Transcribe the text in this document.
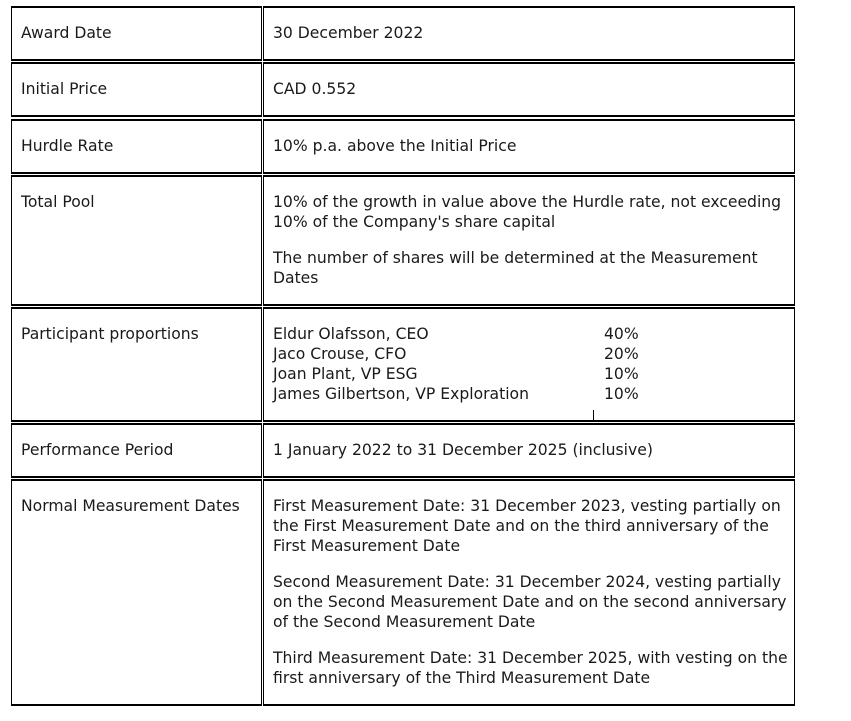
Award Date	30 December 2022
Initial Price	CAD 0.552
Hurdle Rate	10% p.a. above the Initial Price
Total Pool	10% of the growth in value above the Hurdle rate, not exceeding 10% of the Company's share capital

The number of shares will be determined at the Measurement Dates

Participant proportions	Eldur Olafsson, CEO	40%
Jaco Crouse, CFO	20%
Joan Plant, VP ESG	10%
James Gilbertson, VP Exploration	10%
Performance Period	1 January 2022 to 31 December 2025 (inclusive)
Normal Measurement Dates	First Measurement Date: 31 December 2023, vesting partially on the First Measurement Date and on the third anniversary of the First Measurement Date

Second Measurement Date: 31 December 2024, vesting partially on the Second Measurement Date and on the second anniversary of the Second Measurement Date

Third Measurement Date: 31 December 2025, with vesting on the first anniversary of the Third Measurement Date
